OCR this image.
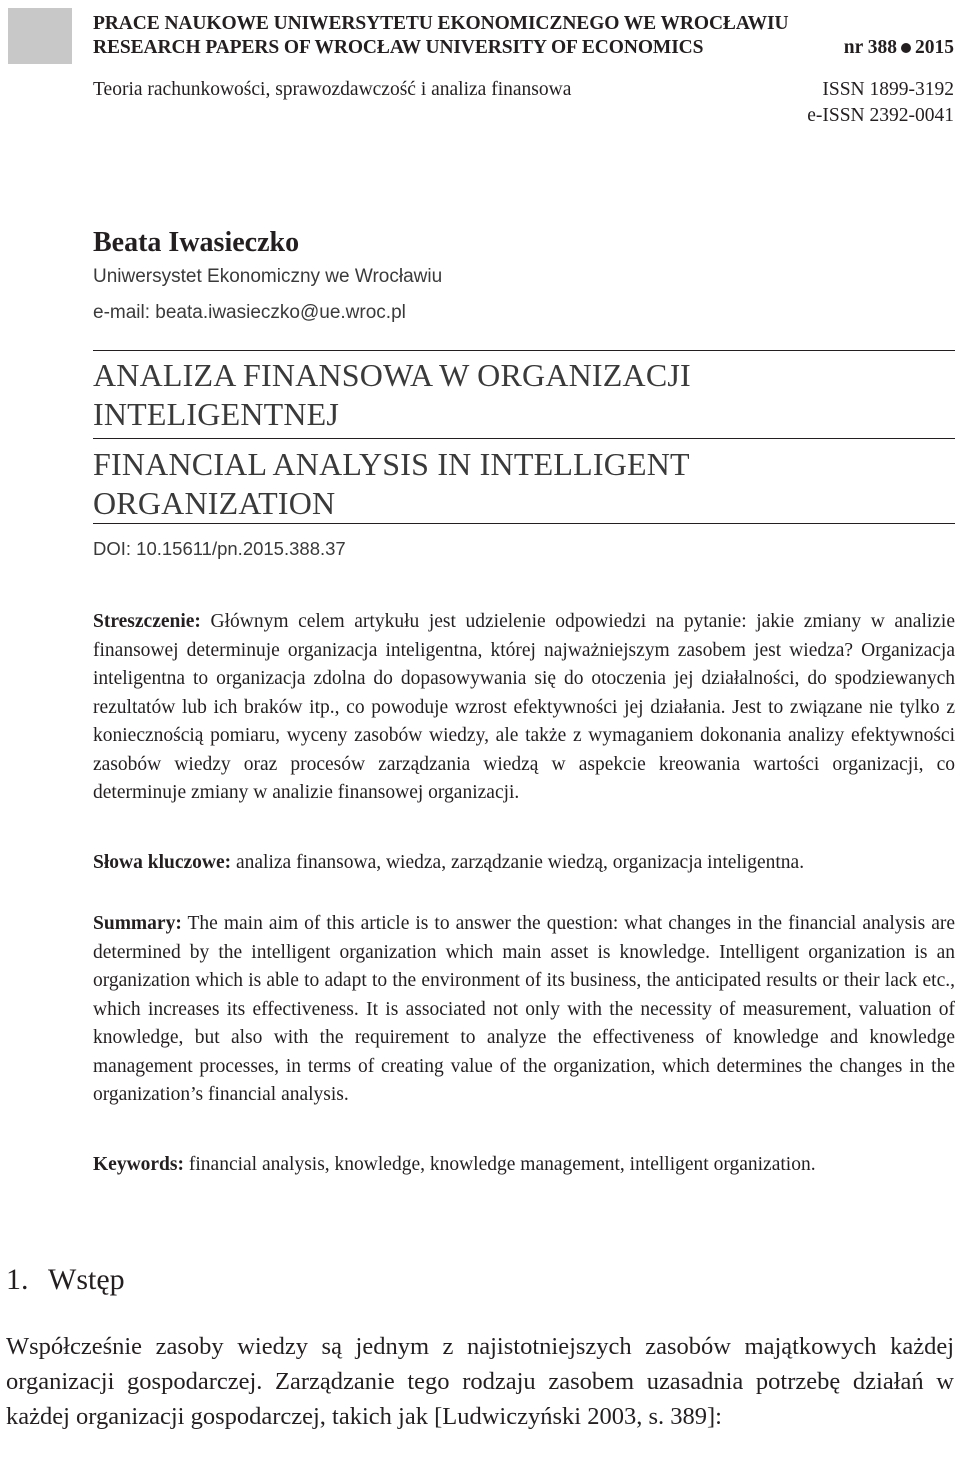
PRACE NAUKOWE UNIWERSYTETU EKONOMICZNEGO WE WROCŁAWIU
RESEARCH PAPERS OF WROCŁAW UNIVERSITY OF ECONOMICS	nr 388 2015
Teoria rachunkowości, sprawozdawczość i analiza finansowa	ISSN 1899-3192
e-ISSN 2392-0041
Beata Iwasieczko
Uniwersystet Ekonomiczny we Wrocławiu
e-mail: beata.iwasieczko@ue.wroc.pl
ANALIZA FINANSOWA W ORGANIZACJI
INTELIGENTNEJ
FINANCIAL ANALYSIS IN INTELLIGENT
ORGANIZATION
DOI: 10.15611/pn.2015.388.37
Streszczenie: Głównym celem artykułu jest udzielenie odpowiedzi na pytanie: jakie zmiany w analizie finansowej determinuje organizacja inteligentna, której najważniejszym zasobem jest wiedza? Organizacja inteligentna to organizacja zdolna do dopasowywania się do otoczenia jej działalności, do spodziewanych rezultatów lub ich braków itp., co powoduje wzrost efektywności jej działania. Jest to związane nie tylko z koniecznością pomiaru, wyceny zasobów wiedzy, ale także z wymaganiem dokonania analizy efektywności zasobów wiedzy oraz procesów zarządzania wiedzą w aspekcie kreowania wartości organizacji, co determinuje zmiany w analizie finansowej organizacji.
Słowa kluczowe: analiza finansowa, wiedza, zarządzanie wiedzą, organizacja inteligentna.
Summary: The main aim of this article is to answer the question: what changes in the financial analysis are determined by the intelligent organization which main asset is knowledge. Intelligent organization is an organization which is able to adapt to the environment of its business, the anticipated results or their lack etc., which increases its effectiveness. It is associated not only with the necessity of measurement, valuation of knowledge, but also with the requirement to analyze the effectiveness of knowledge and knowledge management processes, in terms of creating value of the organization, which determines the changes in the organization’s financial analysis.
Keywords: financial analysis, knowledge, knowledge management, intelligent organization.
1. Wstęp
Współcześnie zasoby wiedzy są jednym z najistotniejszych zasobów majątkowych każdej organizacji gospodarczej. Zarządzanie tego rodzaju zasobem uzasadnia potrzebę działań w każdej organizacji gospodarczej, takich jak [Ludwiczyński 2003, s. 389]:
